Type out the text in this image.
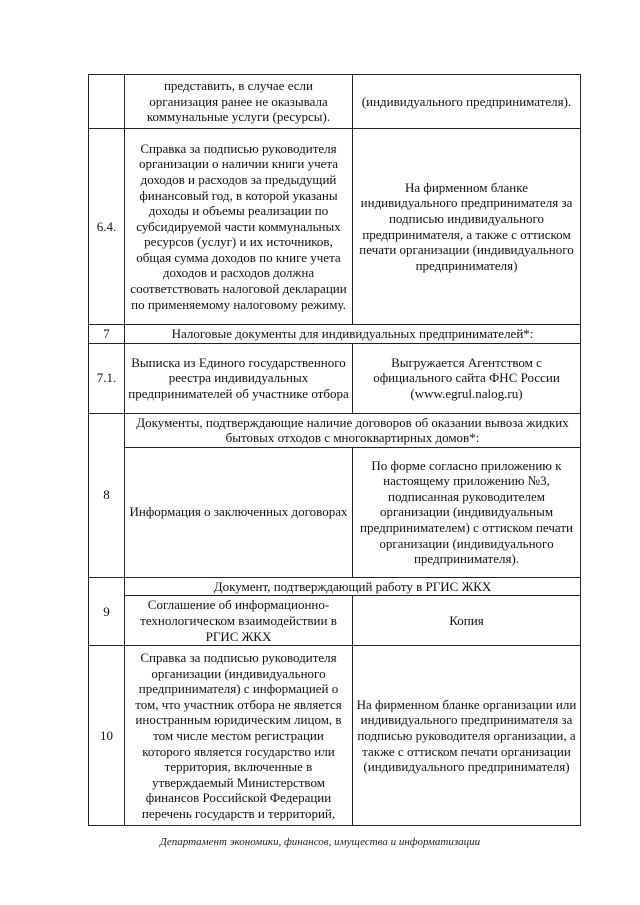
	представить, в случае если организация ранее не оказывала коммунальные услуги (ресурсы).	(индивидуального предпринимателя).
6.4.	Справка за подписью руководителя организации о наличии книги учета доходов и расходов за предыдущий финансовый год, в которой указаны доходы и объемы реализации по субсидируемой части коммунальных ресурсов (услуг) и их источников, общая сумма доходов по книге учета доходов и расходов должна соответствовать налоговой декларации по применяемому налоговому режиму.	На фирменном бланке индивидуального предпринимателя за подписью индивидуального предпринимателя, а также с оттиском печати организации (индивидуального предпринимателя)
7	Налоговые документы для индивидуальных предпринимателей*:	
7.1.	Выписка из Единого государственного реестра индивидуальных предпринимателей об участнике отбора	Выгружается Агентством с официального сайта ФНС России (www.egrul.nalog.ru)
8	Документы, подтверждающие наличие договоров об оказании вывоза жидких бытовых отходов с многоквартирных домов*:	
	Информация о заключенных договорах	По форме согласно приложению к настоящему приложению №3, подписанная руководителем организации (индивидуальным предпринимателем) с оттиском печати организации (индивидуального предпринимателя).
9	Документ, подтверждающий работу в РГИС ЖКХ	
	Соглашение об информационно-технологическом взаимодействии в РГИС ЖКХ	Копия
10	Справка за подписью руководителя организации (индивидуального предпринимателя) с информацией о том, что участник отбора не является иностранным юридическим лицом, в том числе местом регистрации которого является государство или территория, включенные в утверждаемый Министерством финансов Российской Федерации перечень государств и территорий,	На фирменном бланке организации или индивидуального предпринимателя за подписью руководителя организации, а также с оттиском печати организации (индивидуального предпринимателя)
Департамент экономики, финансов, имущества и информатизации
